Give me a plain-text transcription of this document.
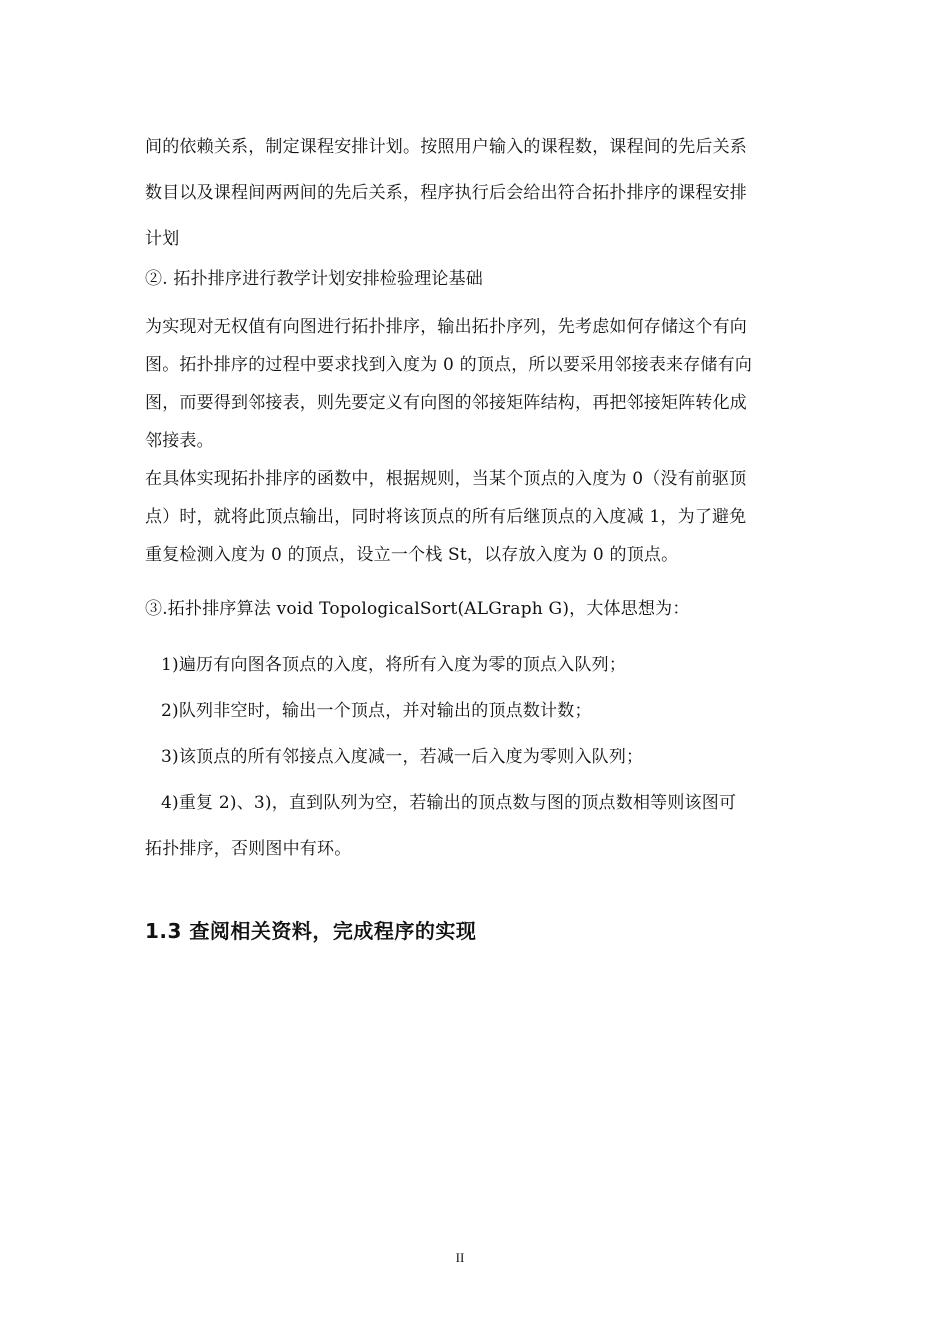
间的依赖关系，制定课程安排计划。按照用户输入的课程数，课程间的先后关系
数目以及课程间两两间的先后关系，程序执行后会给出符合拓扑排序的课程安排
计划
②. 拓扑排序进行教学计划安排检验理论基础
为实现对无权值有向图进行拓扑排序，输出拓扑序列，先考虑如何存储这个有向
图。拓扑排序的过程中要求找到入度为 0 的顶点，所以要采用邻接表来存储有向
图，而要得到邻接表，则先要定义有向图的邻接矩阵结构，再把邻接矩阵转化成
邻接表。
在具体实现拓扑排序的函数中，根据规则，当某个顶点的入度为 0（没有前驱顶
点）时，就将此顶点输出，同时将该顶点的所有后继顶点的入度减 1，为了避免
重复检测入度为 0 的顶点，设立一个栈 St，以存放入度为 0 的顶点。
③.拓扑排序算法 void TopologicalSort(ALGraph G)，大体思想为：
1)遍历有向图各顶点的入度，将所有入度为零的顶点入队列；
2)队列非空时，输出一个顶点，并对输出的顶点数计数；
3)该顶点的所有邻接点入度减一，若减一后入度为零则入队列；
4)重复 2)、3)，直到队列为空，若输出的顶点数与图的顶点数相等则该图可
拓扑排序，否则图中有环。
1.3 查阅相关资料，完成程序的实现
II
